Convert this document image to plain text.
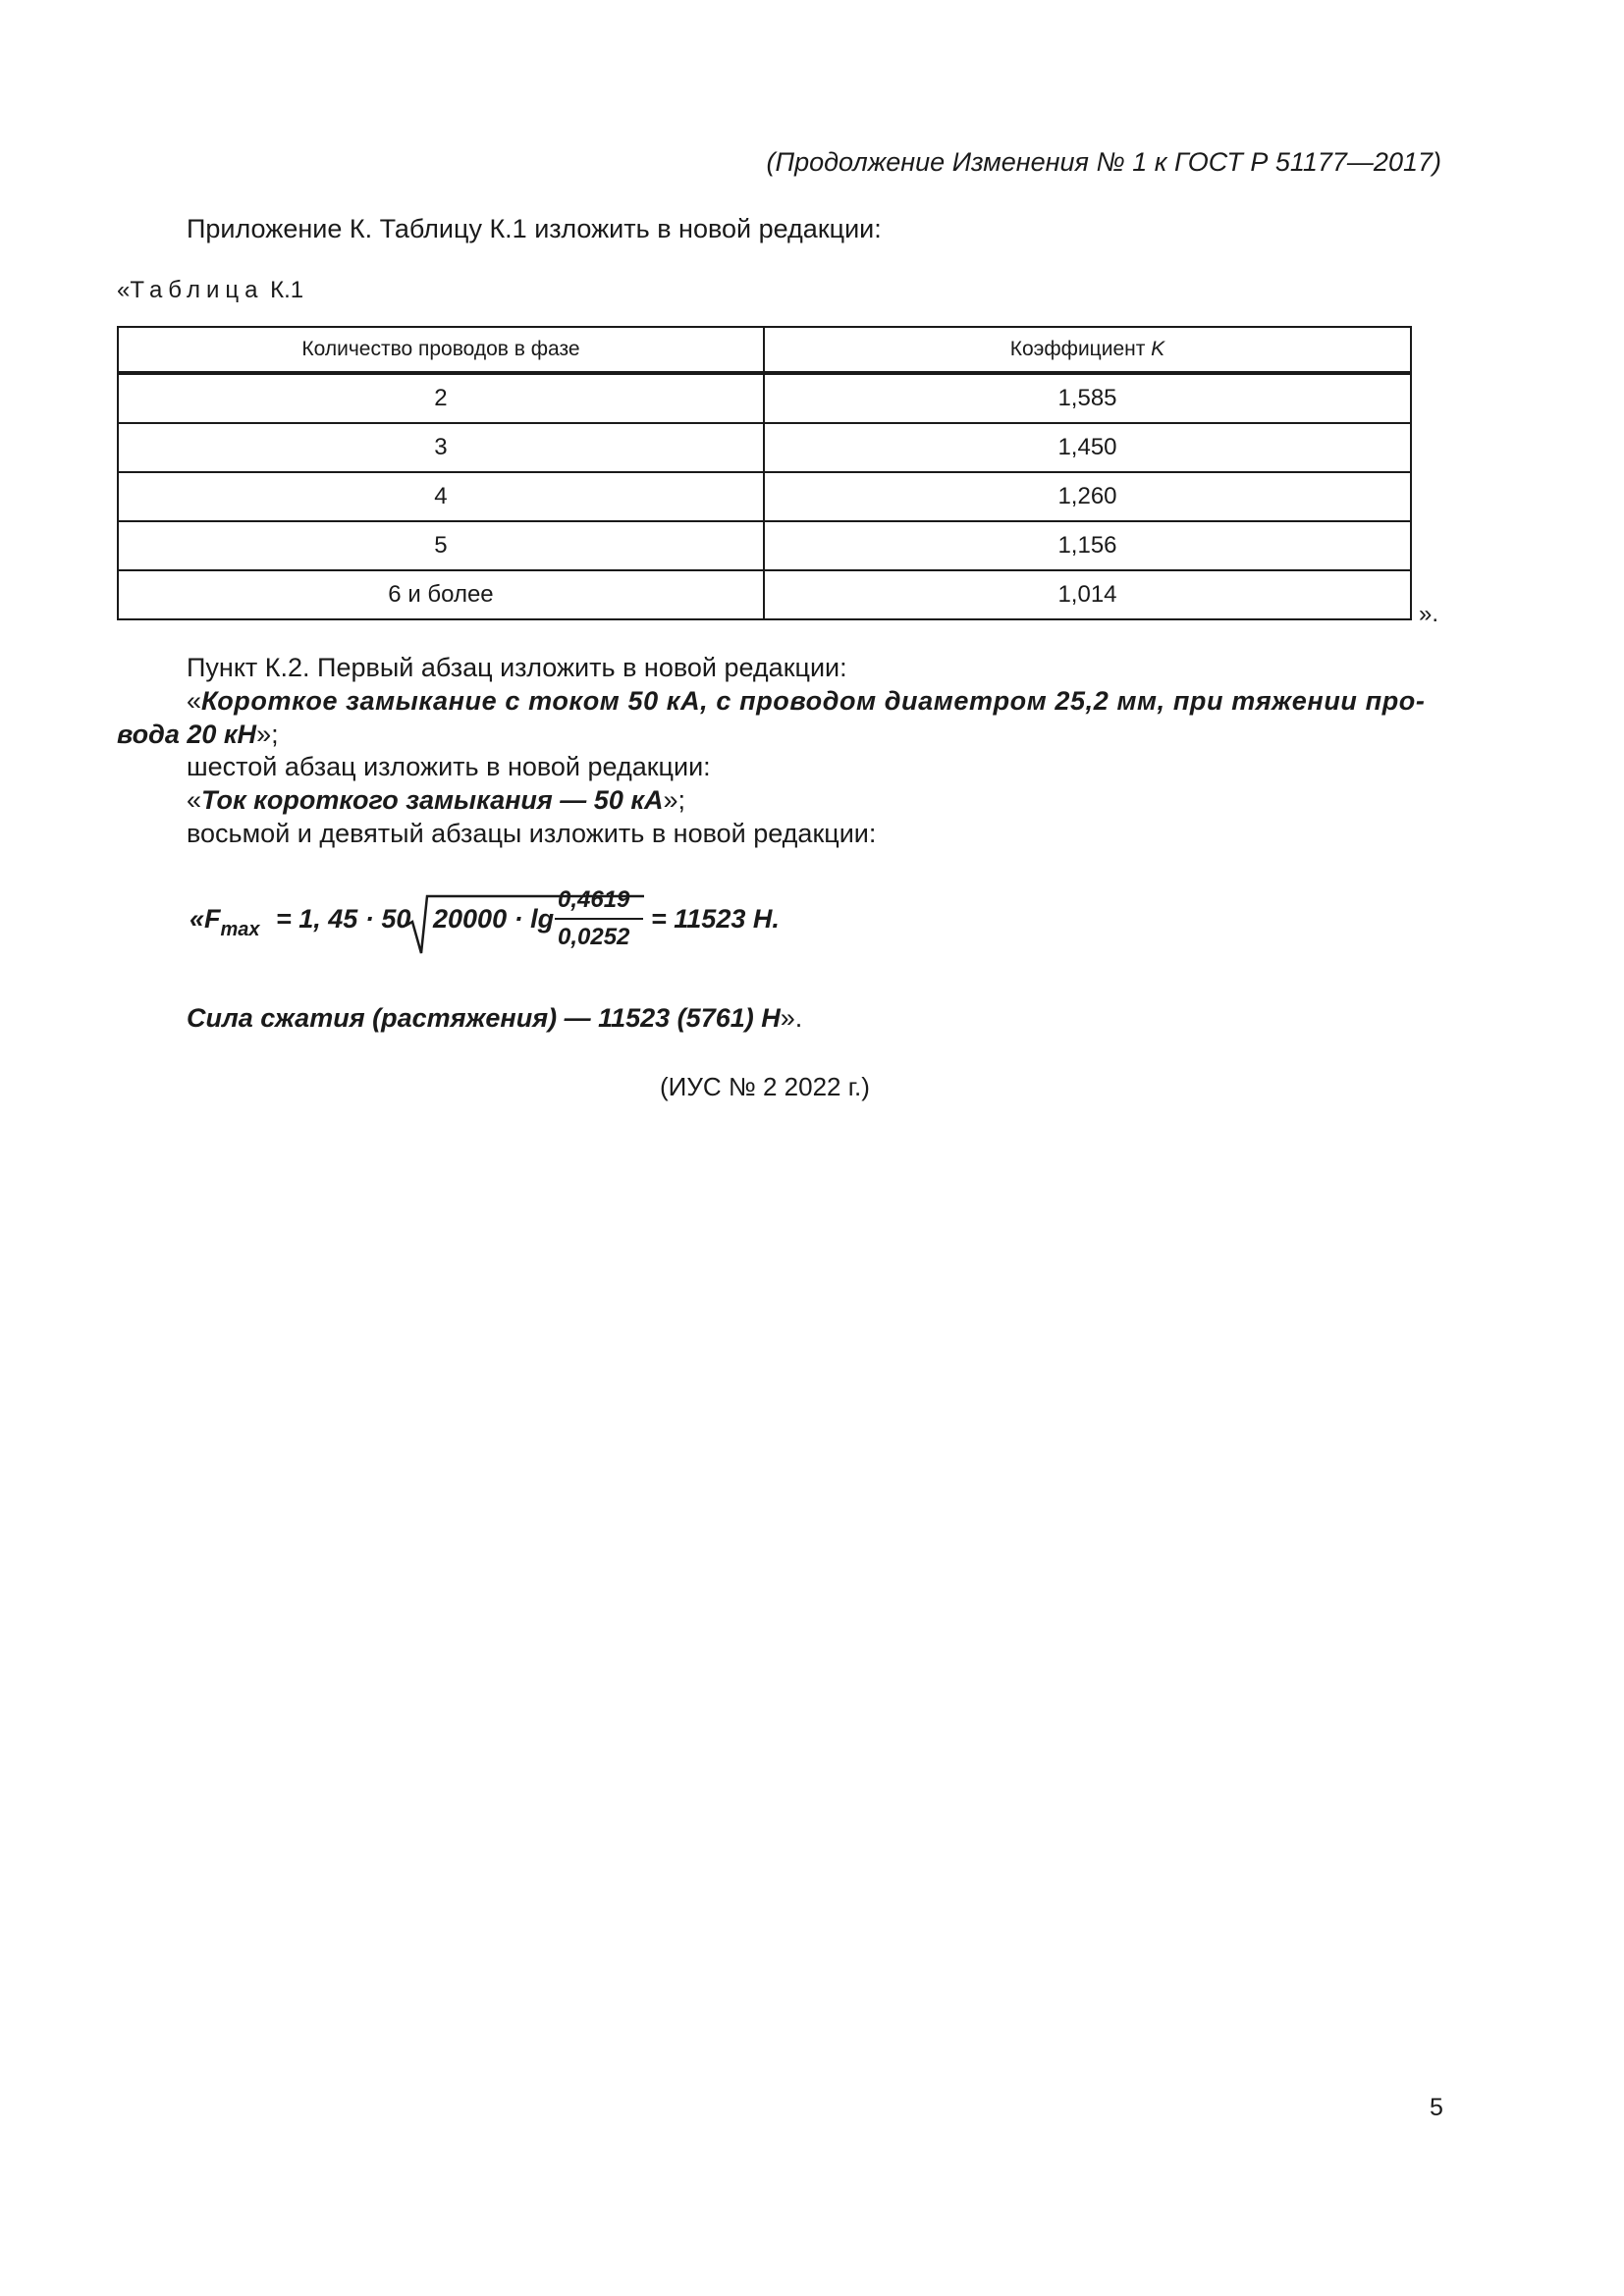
(Продолжение Изменения № 1 к ГОСТ Р 51177—2017)
Приложение К. Таблицу К.1 изложить в новой редакции:
«Таблица К.1
Количество проводов в фазе	Коэффициент K
2	1,585
3	1,450
4	1,260
5	1,156
6 и более	1,014
».
Пункт К.2. Первый абзац изложить в новой редакции:
«Короткое замыкание с током 50 кА, с проводом диаметром 25,2 мм, при тяжении про-
вода 20 кН»;
шестой абзац изложить в новой редакции:
«Ток короткого замыкания — 50 кА»;
восьмой и девятый абзацы изложить в новой редакции:
«$F_{max} = 1$, 45 · 50 20000 · lg
0,4619
0,0252
= 11523 Н.
Сила сжатия (растяжения) — 11523 (5761) Н».
(ИУС № 2 2022 г.)
5
